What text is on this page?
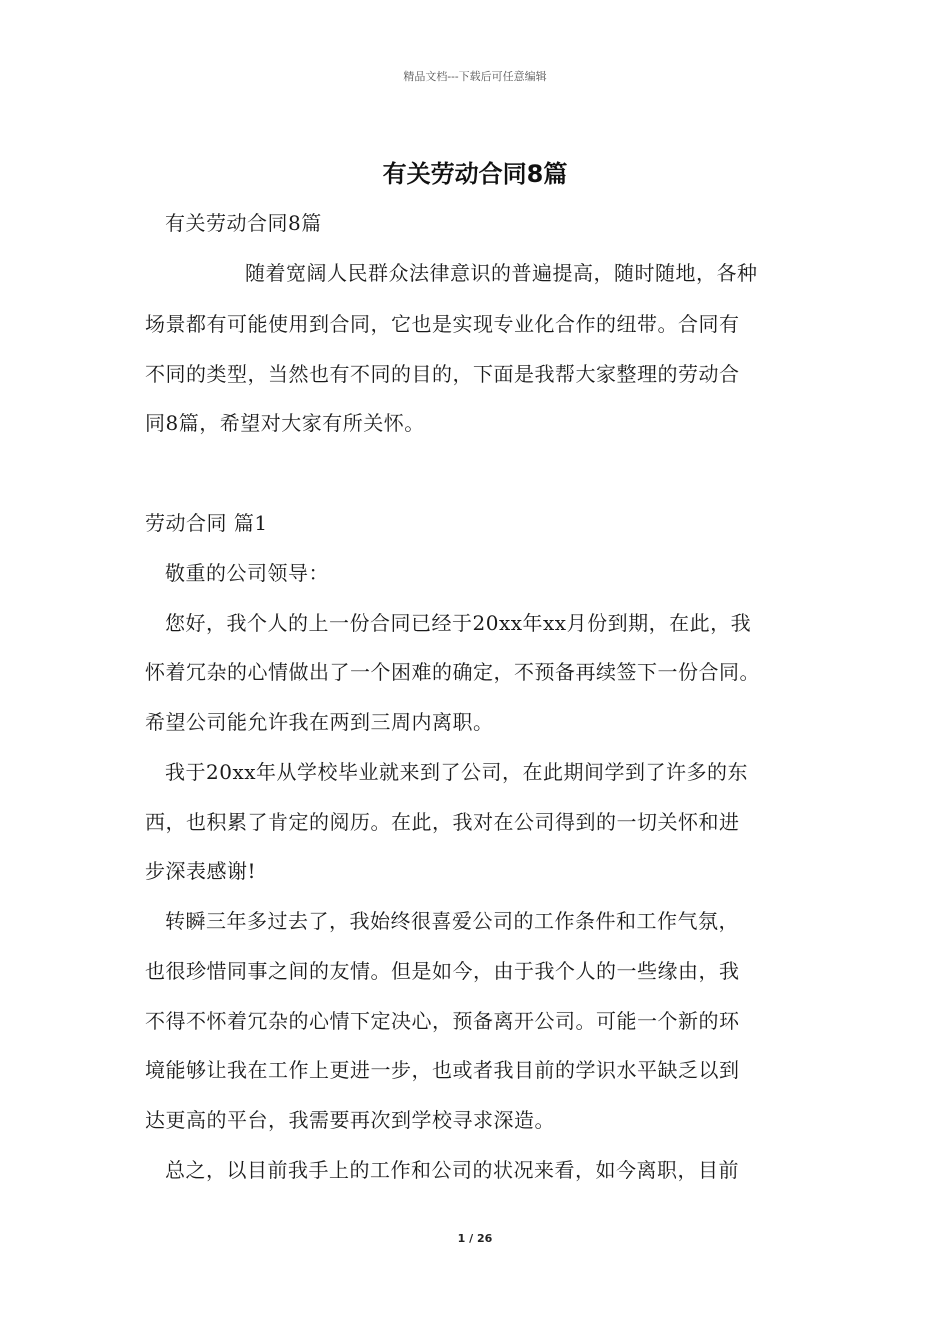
精品文档---下载后可任意编辑
有关劳动合同8篇
有关劳动合同8篇
随着宽阔人民群众法律意识的普遍提高，随时随地，各种
场景都有可能使用到合同，它也是实现专业化合作的纽带。合同有
不同的类型，当然也有不同的目的，下面是我帮大家整理的劳动合
同8篇，希望对大家有所关怀。
劳动合同 篇1
敬重的公司领导：
您好，我个人的上一份合同已经于20xx年xx月份到期，在此，我
怀着冗杂的心情做出了一个困难的确定，不预备再续签下一份合同。
希望公司能允许我在两到三周内离职。
我于20xx年从学校毕业就来到了公司，在此期间学到了许多的东
西，也积累了肯定的阅历。在此，我对在公司得到的一切关怀和进
步深表感谢!
转瞬三年多过去了，我始终很喜爱公司的工作条件和工作气氛，
也很珍惜同事之间的友情。但是如今，由于我个人的一些缘由，我
不得不怀着冗杂的心情下定决心，预备离开公司。可能一个新的环
境能够让我在工作上更进一步，也或者我目前的学识水平缺乏以到
达更高的平台，我需要再次到学校寻求深造。
总之，以目前我手上的工作和公司的状况来看，如今离职，目前
1 / 26
